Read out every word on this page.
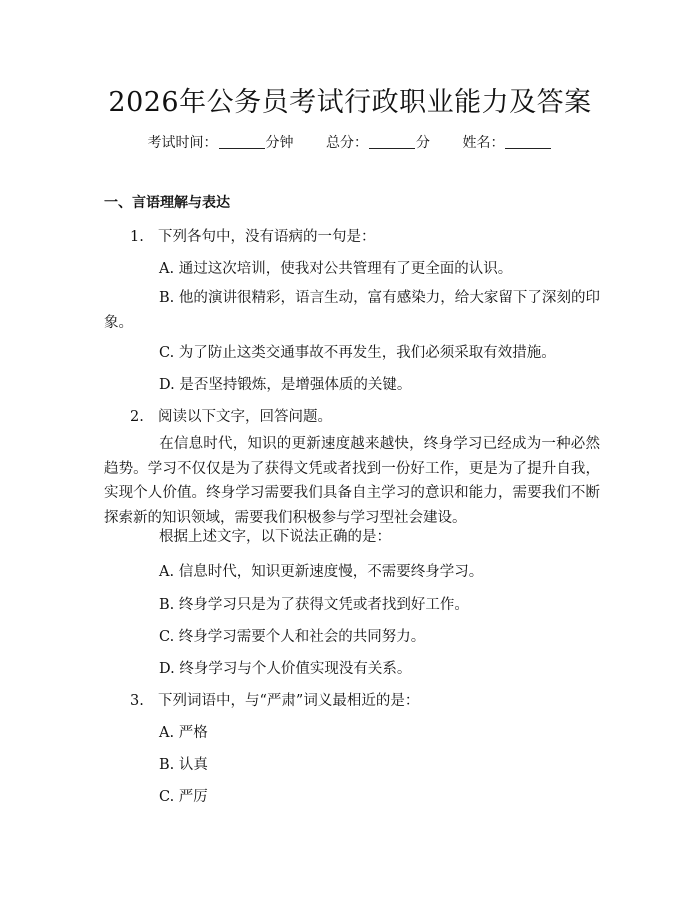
2026年公务员考试行政职业能力及答案
考试时间：	分钟 总分：	分 姓名：
一、言语理解与表达
1. 下列各句中，没有语病的一句是：
A. 通过这次培训，使我对公共管理有了更全面的认识。
B. 他的演讲很精彩，语言生动，富有感染力，给大家留下了深刻的印象。
C. 为了防止这类交通事故不再发生，我们必须采取有效措施。
D. 是否坚持锻炼，是增强体质的关键。
2. 阅读以下文字，回答问题。
在信息时代，知识的更新速度越来越快，终身学习已经成为一种必然趋势。学习不仅仅是为了获得文凭或者找到一份好工作，更是为了提升自我，实现个人价值。终身学习需要我们具备自主学习的意识和能力，需要我们不断探索新的知识领域，需要我们积极参与学习型社会建设。
根据上述文字，以下说法正确的是：
A. 信息时代，知识更新速度慢，不需要终身学习。
B. 终身学习只是为了获得文凭或者找到好工作。
C. 终身学习需要个人和社会的共同努力。
D. 终身学习与个人价值实现没有关系。
3. 下列词语中，与“严肃”词义最相近的是：
A. 严格
B. 认真
C. 严厉
